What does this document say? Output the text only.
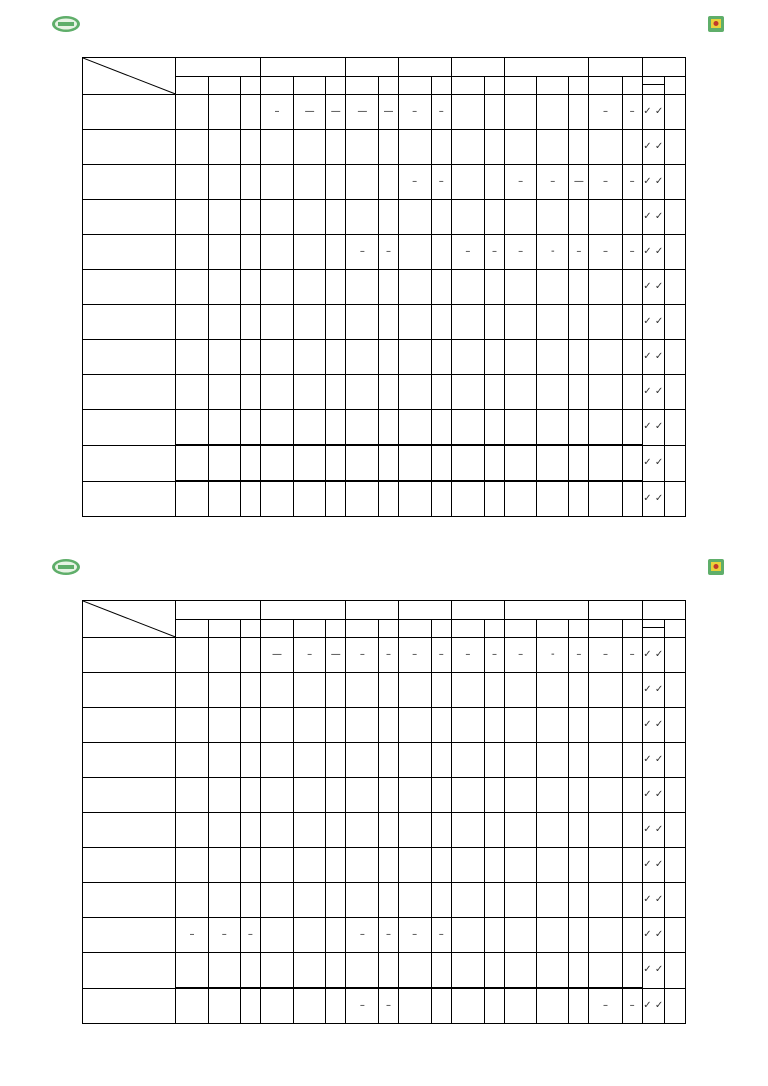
				–	—	—	—	—	–	–						–	–	✓ ✓	
																		✓ ✓	
									–	–			–	–	—	–	–	✓ ✓	
																		✓ ✓	
							–	–			–	–	–	-	–	–	–	✓ ✓	
																		✓ ✓	
																		✓ ✓	
																		✓ ✓	
																		✓ ✓	
																		✓ ✓	
																		✓ ✓	
																		✓ ✓	

				—	–	—	–	–	–	–	–	–	–	-	–	–	–	✓ ✓	
																		✓ ✓	
																		✓ ✓	
																		✓ ✓	
																		✓ ✓	
																		✓ ✓	
																		✓ ✓	
																		✓ ✓	
	–	–	–				–	–	–	–								✓ ✓	
																		✓ ✓	
							–	–								–	–	✓ ✓	
